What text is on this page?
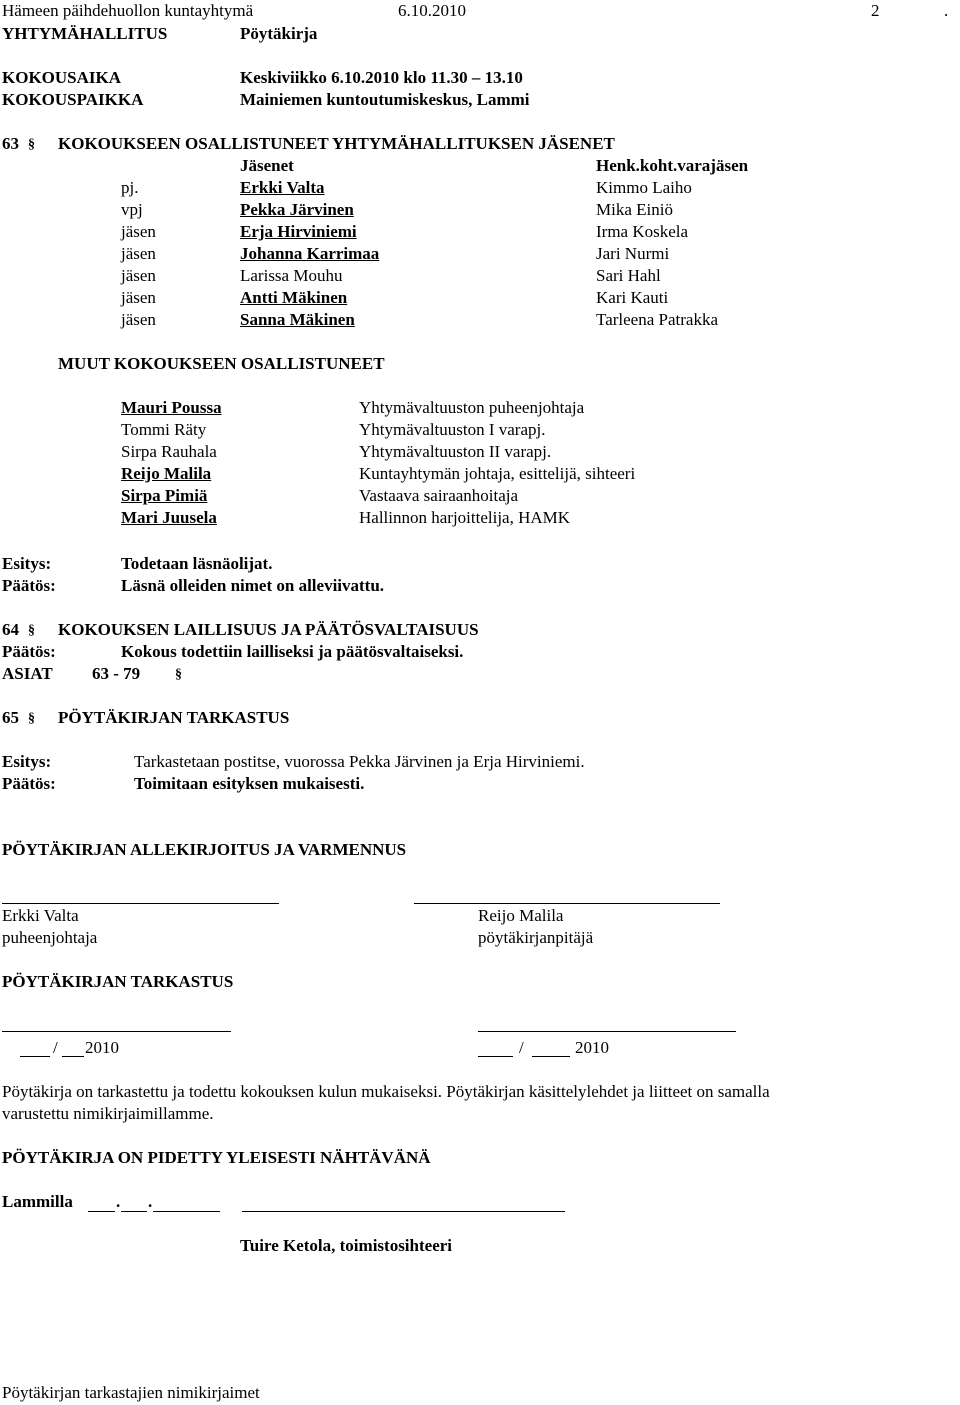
Hämeen päihdehuollon kuntayhtymä	6.10.2010	2	.
YHTYMÄHALLITUS	Pöytäkirja
KOKOUSAIKA	Keskiviikko 6.10.2010 klo 11.30 – 13.10
KOKOUSPAIKKA	Mainiemen kuntoutumiskeskus, Lammi
63 § KOKOUKSEEN OSALLISTUNEET YHTYMÄHALLITUKSEN JÄSENET
Jäsenet	Henk.koht.varajäsen
pj.	Erkki Valta	Kimmo Laiho
vpj	Pekka Järvinen	Mika Einiö
jäsen	Erja Hirviniemi	Irma Koskela
jäsen	Johanna Karrimaa	Jari Nurmi
jäsen	Larissa Mouhu	Sari Hahl
jäsen	Antti Mäkinen	Kari Kauti
jäsen	Sanna Mäkinen	Tarleena Patrakka
MUUT KOKOUKSEEN OSALLISTUNEET
Mauri Poussa	Yhtymävaltuuston puheenjohtaja
Tommi Räty	Yhtymävaltuuston I varapj.
Sirpa Rauhala	Yhtymävaltuuston II varapj.
Reijo Malila	Kuntayhtymän johtaja, esittelijä, sihteeri
Sirpa Pimiä	Vastaava sairaanhoitaja
Mari Juusela	Hallinnon harjoittelija, HAMK
Esitys:	Todetaan läsnäolijat.
Päätös:	Läsnä olleiden nimet on alleviivattu.
64 § KOKOUKSEN LAILLISUUS JA PÄÄTÖSVALTAISUUS
Päätös:	Kokous todettiin lailliseksi ja päätösvaltaiseksi.
ASIAT 63 - 79 §
65 § PÖYTÄKIRJAN TARKASTUS
Esitys:	Tarkastetaan postitse, vuorossa Pekka Järvinen ja Erja Hirviniemi.
Päätös:	Toimitaan esityksen mukaisesti.
PÖYTÄKIRJAN ALLEKIRJOITUS JA VARMENNUS
Erkki Valta	Reijo Malila
puheenjohtaja	pöytäkirjanpitäjä
PÖYTÄKIRJAN TARKASTUS
/ 2010	/	2010
Pöytäkirja on tarkastettu ja todettu kokouksen kulun mukaiseksi. Pöytäkirjan käsittelylehdet ja liitteet on samalla
varustettu nimikirjaimillamme.
PÖYTÄKIRJA ON PIDETTY YLEISESTI NÄHTÄVÄNÄ
Lammilla	. .
Tuire Ketola, toimistosihteeri
Pöytäkirjan tarkastajien nimikirjaimet
